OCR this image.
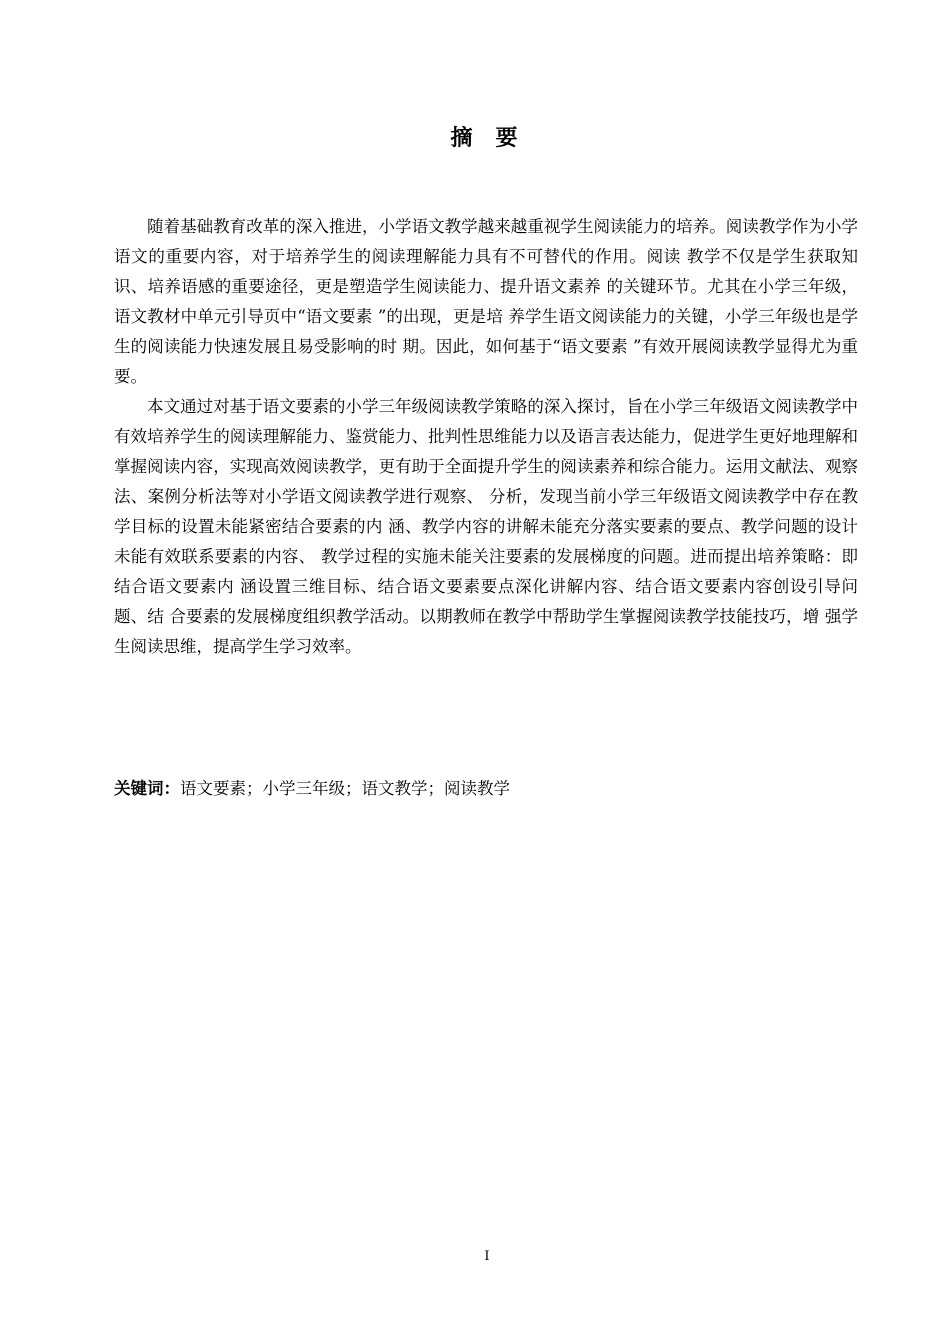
摘   要

随着基础教育改革的深入推进，小学语文教学越来越重视学生阅读能力的培养。阅读教学作为小学语文的重要内容，对于培养学生的阅读理解能力具有不可替代的作用。阅读 教学不仅是学生获取知识、培养语感的重要途径，更是塑造学生阅读能力、提升语文素养 的关键环节。尤其在小学三年级，语文教材中单元引导页中“语文要素 ”的出现，更是培 养学生语文阅读能力的关键，小学三年级也是学生的阅读能力快速发展且易受影响的时 期。因此，如何基于“语文要素 ”有效开展阅读教学显得尤为重要。

本文通过对基于语文要素的小学三年级阅读教学策略的深入探讨，旨在小学三年级语文阅读教学中有效培养学生的阅读理解能力、鉴赏能力、批判性思维能力以及语言表达能力，促进学生更好地理解和掌握阅读内容，实现高效阅读教学，更有助于全面提升学生的阅读素养和综合能力。运用文献法、观察法、案例分析法等对小学语文阅读教学进行观察、 分析，发现当前小学三年级语文阅读教学中存在教学目标的设置未能紧密结合要素的内 涵、教学内容的讲解未能充分落实要素的要点、教学问题的设计未能有效联系要素的内容、 教学过程的实施未能关注要素的发展梯度的问题。进而提出培养策略：即结合语文要素内 涵设置三维目标、结合语文要素要点深化讲解内容、结合语文要素内容创设引导问题、结 合要素的发展梯度组织教学活动。以期教师在教学中帮助学生掌握阅读教学技能技巧，增 强学生阅读思维，提高学生学习效率。

关键词：语文要素；小学三年级；语文教学；阅读教学
I
